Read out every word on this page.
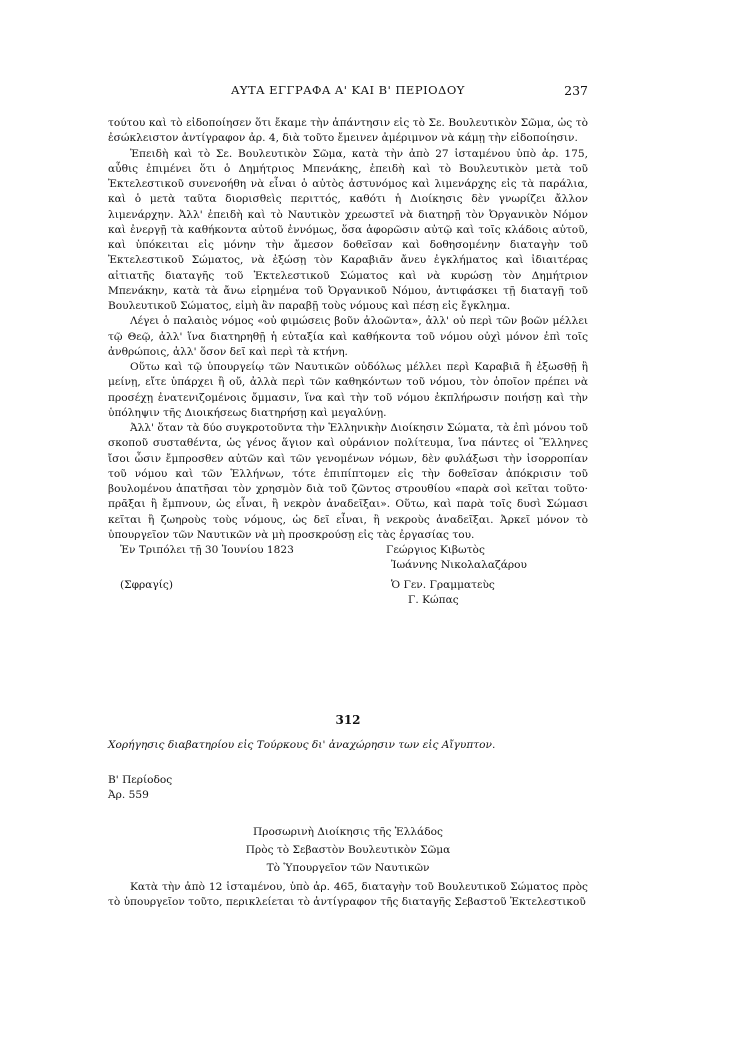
ΑΥΤΑ ΕΓΓΡΑΦΑ Α' ΚΑΙ Β' ΠΕΡΙΟΔΟΥ	237

τούτου καὶ τὸ εἰδοποίησεν ὅτι ἔκαμε τὴν ἀπάντησιν εἰς τὸ Σε. Βουλευτικὸν Σῶμα, ὡς τὸ ἐσώκλειστον ἀντίγραφον ἀρ. 4, διὰ τοῦτο ἔμεινεν ἀμέριμνον νὰ κάμῃ τὴν εἰδοποίησιν.

Ἐπειδὴ καὶ τὸ Σε. Βουλευτικὸν Σῶμα, κατὰ τὴν ἀπὸ 27 ἱσταμένου ὑπὸ ἀρ. 175, αὖθις ἐπιμένει ὅτι ὁ Δημήτριος Μπενάκης, ἐπειδὴ καὶ τὸ Βουλευτικὸν μετὰ τοῦ Ἐκτελεστικοῦ συνενοήθη νὰ εἶναι ὁ αὐτὸς ἀστυνόμος καὶ λιμενάρχης εἰς τὰ παράλια, καὶ ὁ μετὰ ταῦτα διορισθεὶς περιττός, καθότι ἡ Διοίκησις δὲν γνωρίζει ἄλλον λιμενάρχην. Ἀλλ' ἐπειδὴ καὶ τὸ Ναυτικὸν χρεωστεῖ νὰ διατηρῇ τὸν Ὀργανικὸν Νόμον καὶ ἐνεργῇ τὰ καθήκοντα αὐτοῦ ἐννόμως, ὅσα ἀφορῶσιν αὐτῷ καὶ τοῖς κλάδοις αὐτοῦ, καὶ ὑπόκειται εἰς μόνην τὴν ἄμεσον δοθεῖσαν καὶ δοθησομένην διαταγὴν τοῦ Ἐκτελεστικοῦ Σώματος, νὰ ἐξώσῃ τὸν Καραβιᾶν ἄνευ ἐγκλήματος καὶ ἰδιαιτέρας αἰτιατῆς διαταγῆς τοῦ Ἐκτελεστικοῦ Σώματος καὶ νὰ κυρώσῃ τὸν Δημήτριον Μπενάκην, κατὰ τὰ ἄνω εἰρημένα τοῦ Ὀργανικοῦ Νόμου, ἀντιφάσκει τῇ διαταγῇ τοῦ Βουλευτικοῦ Σώματος, εἰμὴ ἂν παραβῇ τοὺς νόμους καὶ πέσῃ εἰς ἔγκλημα.

Λέγει ὁ παλαιὸς νόμος «οὐ φιμώσεις βοῦν ἀλοῶντα», ἀλλ' οὐ περὶ τῶν βοῶν μέλλει τῷ Θεῷ, ἀλλ' ἵνα διατηρηθῇ ἡ εὐταξία καὶ καθήκοντα τοῦ νόμου οὐχὶ μόνον ἐπὶ τοῖς ἀνθρώποις, ἀλλ' ὅσον δεῖ καὶ περὶ τὰ κτήνη.

Οὕτω καὶ τῷ ὑπουργείῳ τῶν Ναυτικῶν οὐδόλως μέλλει περὶ Καραβιᾶ ἢ ἐξωσθῇ ἢ μείνῃ, εἴτε ὑπάρχει ἢ οὔ, ἀλλὰ περὶ τῶν καθηκόντων τοῦ νόμου, τὸν ὁποῖον πρέπει νὰ προσέχῃ ἐνατενιζομένοις ὄμμασιν, ἵνα καὶ τὴν τοῦ νόμου ἐκπλήρωσιν ποιήσῃ καὶ τὴν ὑπόληψιν τῆς Διοικήσεως διατηρήσῃ καὶ μεγαλύνῃ.

Ἀλλ' ὅταν τὰ δύο συγκροτοῦντα τὴν Ἑλληνικὴν Διοίκησιν Σώματα, τὰ ἐπὶ μόνου τοῦ σκοποῦ συσταθέντα, ὡς γένος ἅγιον καὶ οὐράνιον πολίτευμα, ἵνα πάντες οἱ Ἕλληνες ἴσοι ὦσιν ἔμπροσθεν αὐτῶν καὶ τῶν γενομένων νόμων, δὲν φυλάξωσι τὴν ἰσορροπίαν τοῦ νόμου καὶ τῶν Ἑλλήνων, τότε ἐπιπίπτομεν εἰς τὴν δοθεῖσαν ἀπόκρισιν τοῦ βουλομένου ἀπατῆσαι τὸν χρησμὸν διὰ τοῦ ζῶντος στρουθίου «παρὰ σοὶ κεῖται τοῦτο· πρᾶξαι ἢ ἔμπνουν, ὡς εἶναι, ἢ νεκρὸν ἀναδεῖξαι». Οὕτω, καὶ παρὰ τοῖς δυσὶ Σώμασι κεῖται ἢ ζωηροὺς τοὺς νόμους, ὡς δεῖ εἶναι, ἢ νεκροὺς ἀναδεῖξαι. Ἀρκεῖ μόνον τὸ ὑπουργεῖον τῶν Ναυτικῶν νὰ μὴ προσκρούσῃ εἰς τὰς ἐργασίας του.

Ἐν Τριπόλει τῇ 30 Ἰουνίου 1823	Γεώργιος Κιβωτὸς
Ἰωάννης Νικολαλαζάρου
(Σφραγίς)	Ὁ Γεν. Γραμματεὺς
Γ. Κώπας
312
Χορήγησις διαβατηρίου εἰς Τούρκους δι' ἀναχώρησιν των εἰς Αἴγυπτον.
Β' Περίοδος
Ἀρ. 559
Προσωρινὴ Διοίκησις τῆς Ἑλλάδος
Πρὸς τὸ Σεβαστὸν Βουλευτικὸν Σῶμα
Τὸ Ὑπουργεῖον τῶν Ναυτικῶν

Κατὰ τὴν ἀπὸ 12 ἱσταμένου, ὑπὸ ἀρ. 465, διαταγὴν τοῦ Βουλευτικοῦ Σώματος πρὸς τὸ ὑπουργεῖον τοῦτο, περικλείεται τὸ ἀντίγραφον τῆς διαταγῆς Σεβαστοῦ Ἐκτελεστικοῦ
